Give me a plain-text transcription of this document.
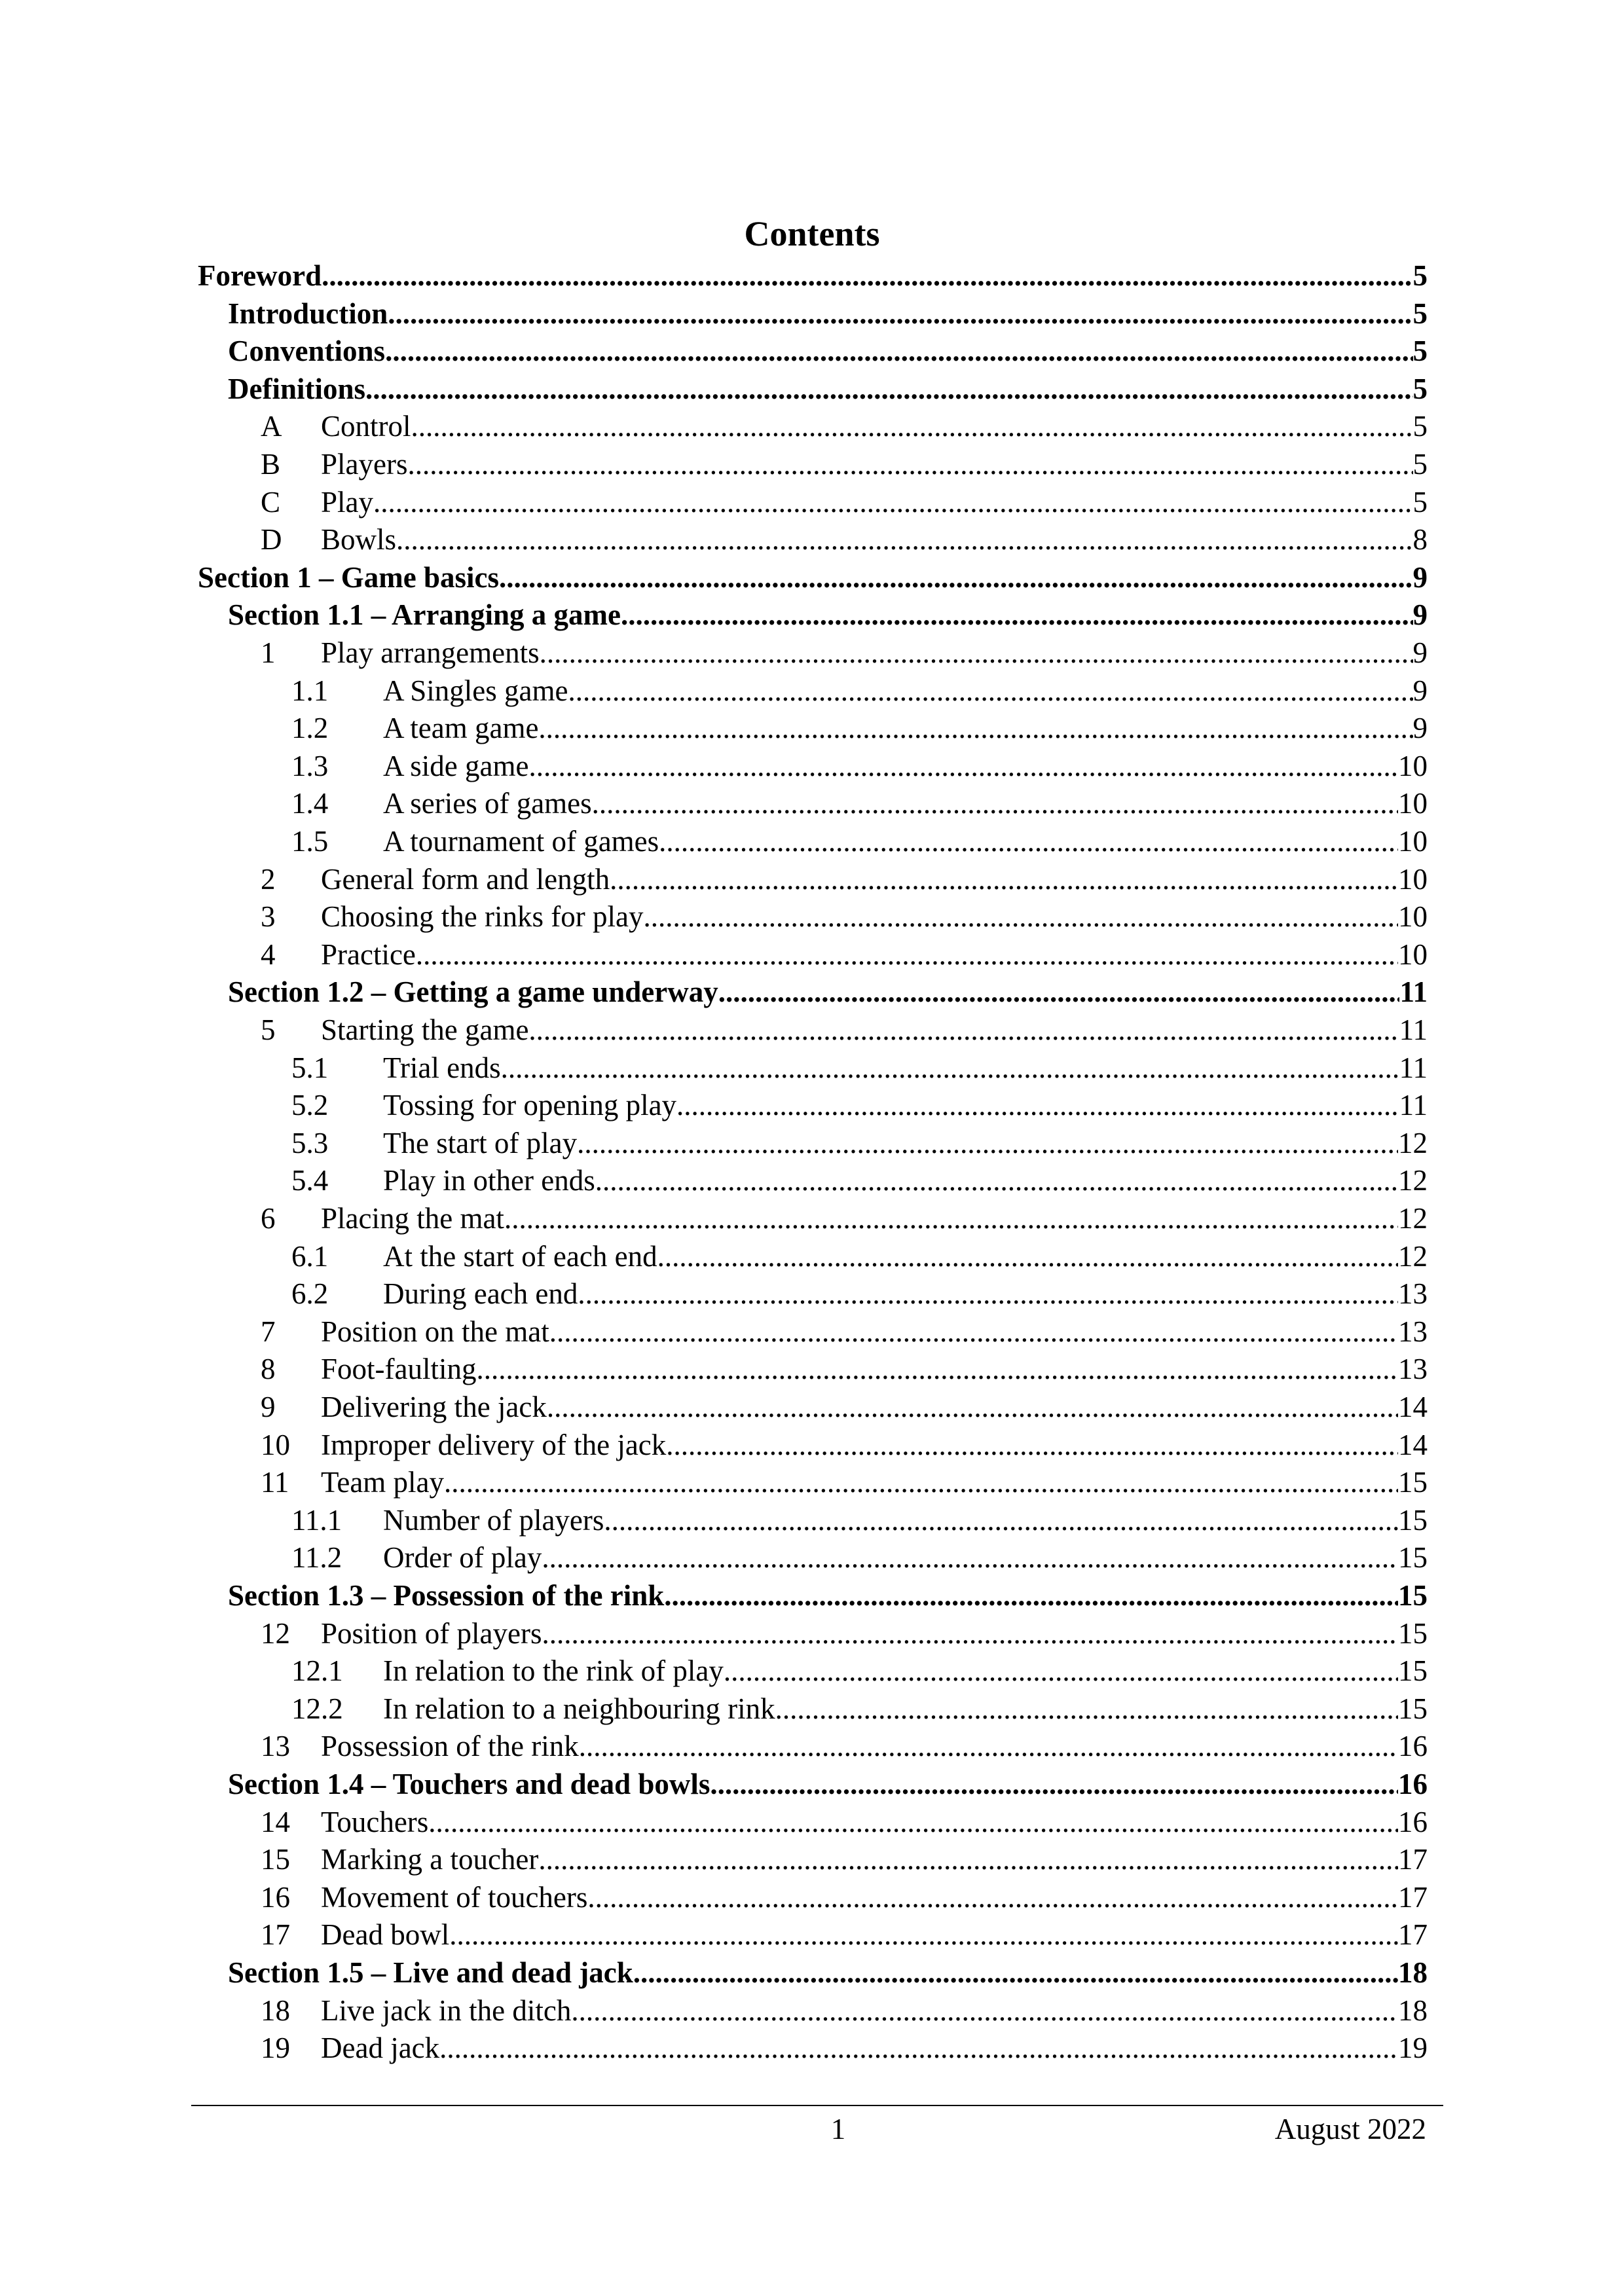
Contents
Foreword .....	5
Introduction .....	5
Conventions .....	5
Definitions .....	5
A Control .....	5
B Players .....	5
C Play .....	5
D Bowls .....	8
Section 1 – Game basics .....	9
Section 1.1 – Arranging a game .....	9
1 Play arrangements .....	9
1.1 A Singles game .....	9
1.2 A team game .....	9
1.3 A side game .....	10
1.4 A series of games .....	10
1.5 A tournament of games .....	10
2 General form and length .....	10
3 Choosing the rinks for play .....	10
4 Practice .....	10
Section 1.2 – Getting a game underway .....	11
5 Starting the game .....	11
5.1 Trial ends .....	11
5.2 Tossing for opening play .....	11
5.3 The start of play .....	12
5.4 Play in other ends .....	12
6 Placing the mat .....	12
6.1 At the start of each end .....	12
6.2 During each end .....	13
7 Position on the mat .....	13
8 Foot-faulting .....	13
9 Delivering the jack .....	14
10 Improper delivery of the jack .....	14
11 Team play .....	15
11.1 Number of players .....	15
11.2 Order of play .....	15
Section 1.3 – Possession of the rink .....	15
12 Position of players .....	15
12.1 In relation to the rink of play .....	15
12.2 In relation to a neighbouring rink .....	15
13 Possession of the rink .....	16
Section 1.4 – Touchers and dead bowls .....	16
14 Touchers .....	16
15 Marking a toucher .....	17
16 Movement of touchers .....	17
17 Dead bowl .....	17
Section 1.5 – Live and dead jack .....	18
18 Live jack in the ditch .....	18
19 Dead jack .....	19
1	August 2022
